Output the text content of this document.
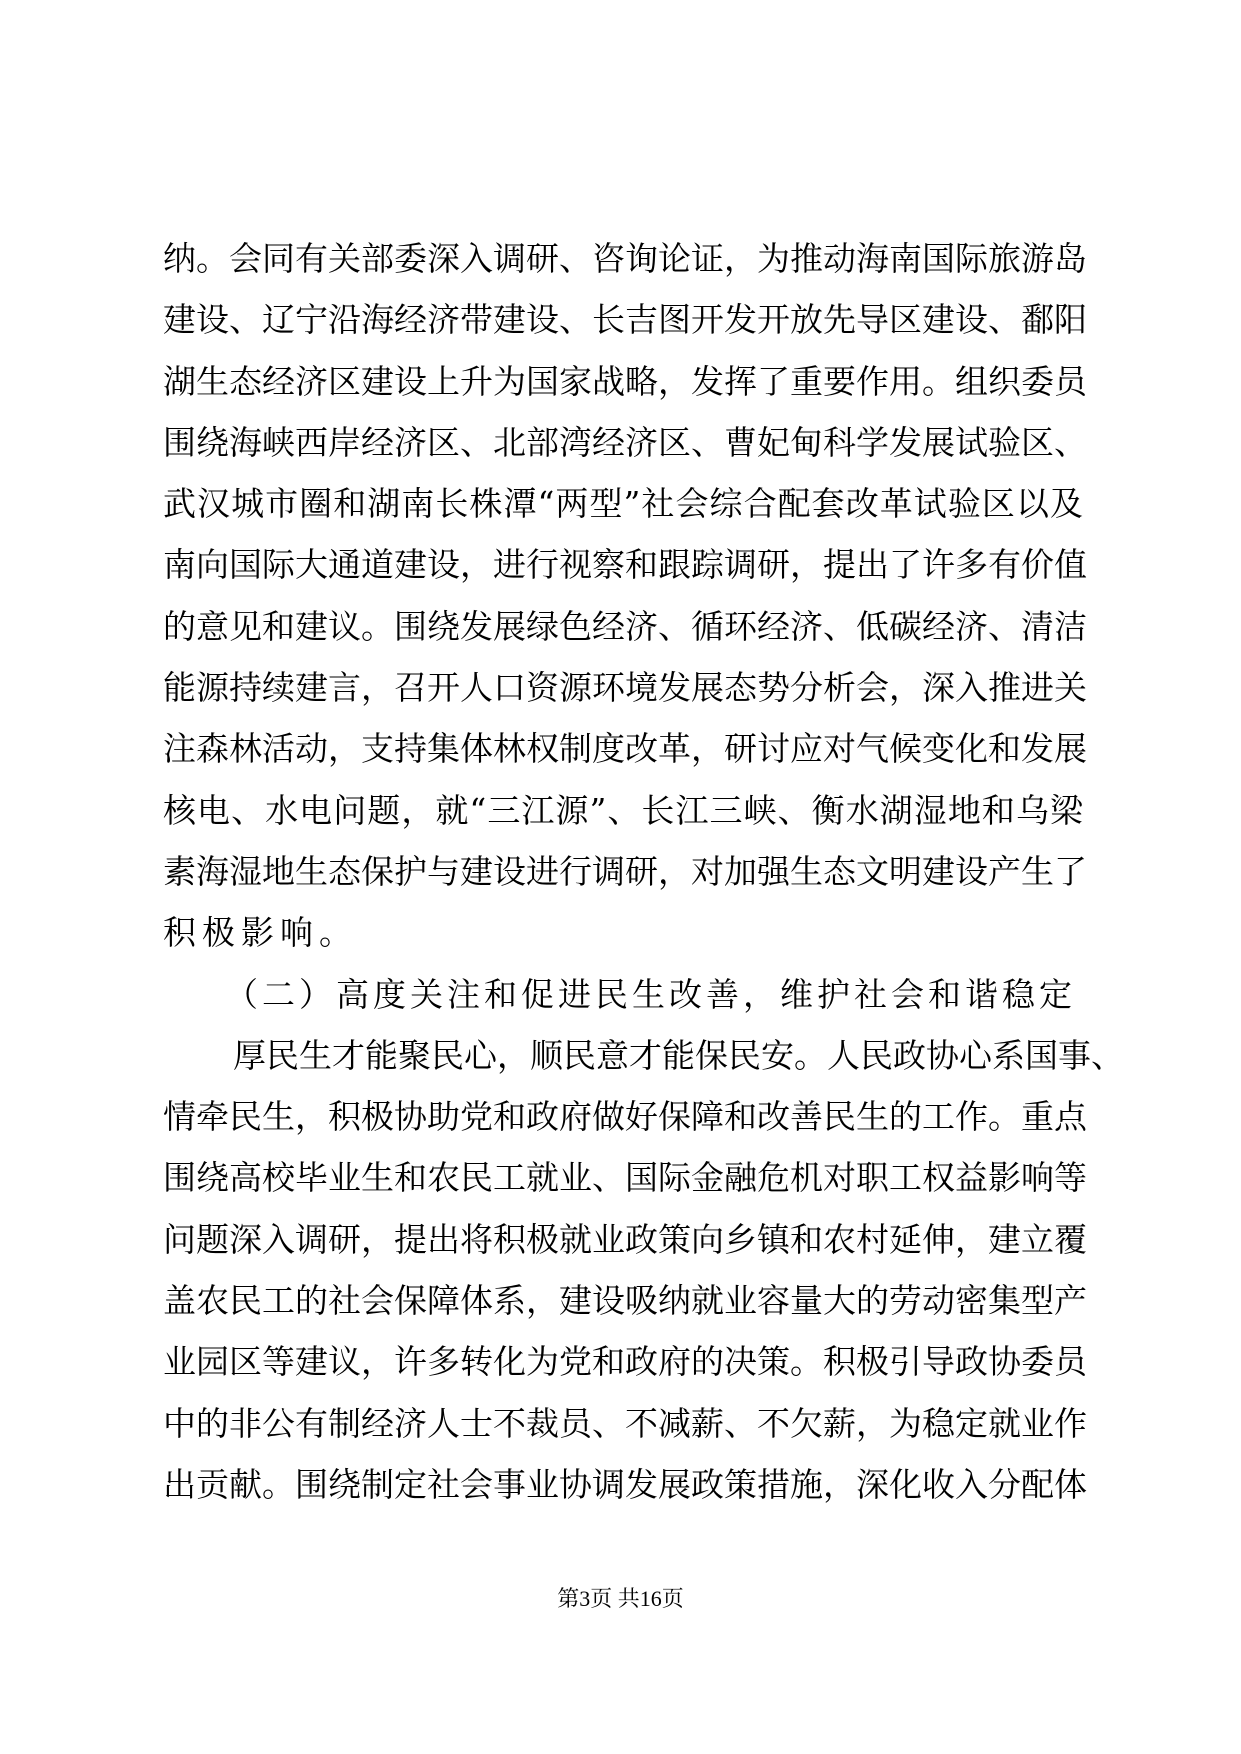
纳。会同有关部委深入调研、咨询论证，为推动海南国际旅游岛
建设、辽宁沿海经济带建设、长吉图开发开放先导区建设、鄱阳
湖生态经济区建设上升为国家战略，发挥了重要作用。组织委员
围绕海峡西岸经济区、北部湾经济区、曹妃甸科学发展试验区、
武汉城市圈和湖南长株潭“两型”社会综合配套改革试验区以及
南向国际大通道建设，进行视察和跟踪调研，提出了许多有价值
的意见和建议。围绕发展绿色经济、循环经济、低碳经济、清洁
能源持续建言，召开人口资源环境发展态势分析会，深入推进关
注森林活动，支持集体林权制度改革，研讨应对气候变化和发展
核电、水电问题，就“三江源”、长江三峡、衡水湖湿地和乌梁
素海湿地生态保护与建设进行调研，对加强生态文明建设产生了
积极影响。
（二）高度关注和促进民生改善，维护社会和谐稳定
厚民生才能聚民心，顺民意才能保民安。人民政协心系国事、
情牵民生，积极协助党和政府做好保障和改善民生的工作。重点
围绕高校毕业生和农民工就业、国际金融危机对职工权益影响等
问题深入调研，提出将积极就业政策向乡镇和农村延伸，建立覆
盖农民工的社会保障体系，建设吸纳就业容量大的劳动密集型产
业园区等建议，许多转化为党和政府的决策。积极引导政协委员
中的非公有制经济人士不裁员、不减薪、不欠薪，为稳定就业作
出贡献。围绕制定社会事业协调发展政策措施，深化收入分配体
第3页 共16页
